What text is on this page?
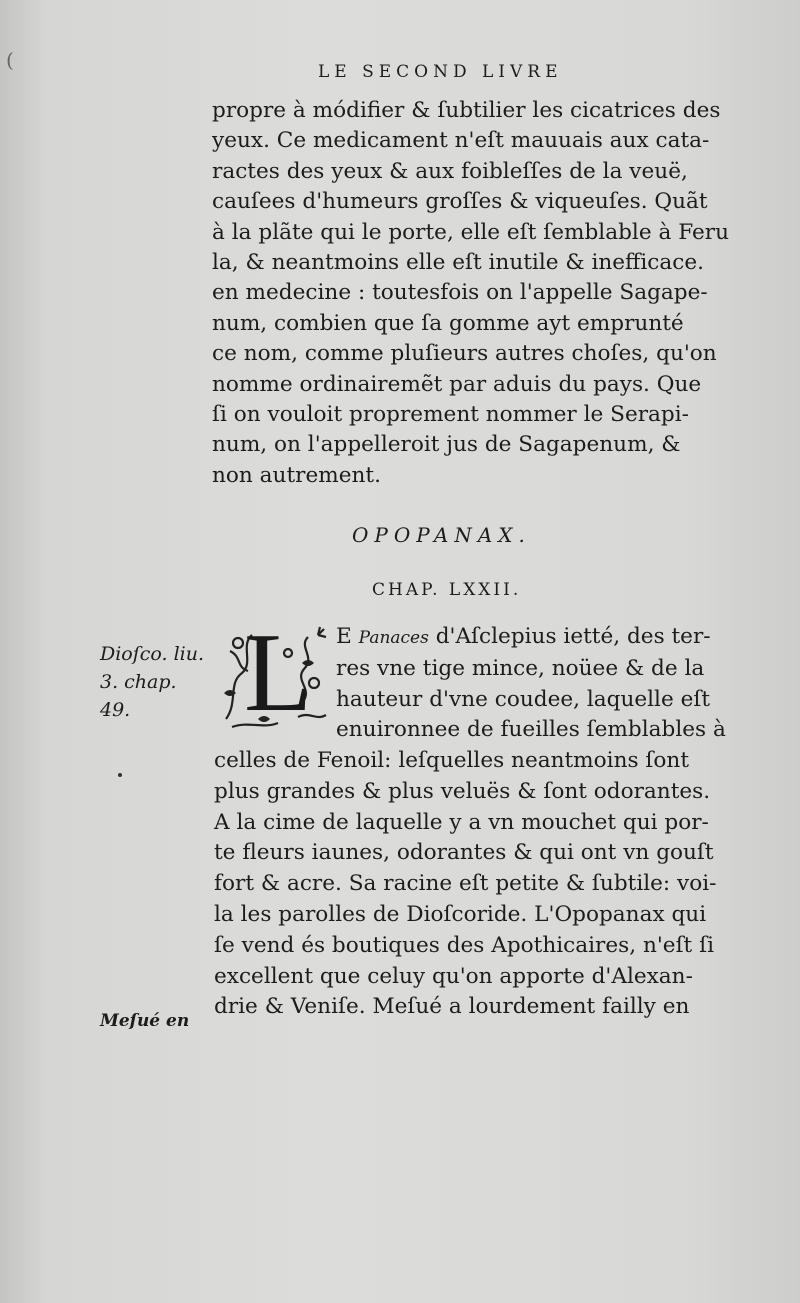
(	LE SECOND LIVRE
propre à módifier & ſubtilier les cicatrices des
yeux. Ce medicament n'eſt mauuais aux cata-
ractes des yeux & aux foibleſſes de la veuë,
cauſees d'humeurs groſſes & viqueuſes. Quãt
à la plãte qui le porte, elle eſt ſemblable à Feru
la, & neantmoins elle eſt inutile & inefficace.
en medecine : toutesfois on l'appelle Sagape-
num, combien que ſa gomme ayt emprunté
ce nom, comme pluſieurs autres choſes, qu'on
nomme ordinairemẽt par aduis du pays. Que
ſi on vouloit proprement nommer le Serapi-
num, on l'appelleroit jus de Sagapenum, &
non autrement.
OPOPANAX.
CHAP. LXXII.
Dioſco. liu.
3. chap.
49.	L E Panaces d'Aſclepius ietté, des ter-
res vne tige mince, noüee & de la
hauteur d'vne coudee, laquelle eſt
enuironnee de fueilles ſemblables à
celles de Fenoil: leſquelles neantmoins ſont
plus grandes & plus veluës & ſont odorantes.
A la cime de laquelle y a vn mouchet qui por-
te fleurs iaunes, odorantes & qui ont vn gouſt
fort & acre. Sa racine eſt petite & ſubtile: voi-
la les parolles de Dioſcoride. L'Opopanax qui
ſe vend és boutiques des Apothicaires, n'eſt ſi
excellent que celuy qu'on apporte d'Alexan-
drie & Veniſe. Meſué a lourdement failly en
Meſué en
